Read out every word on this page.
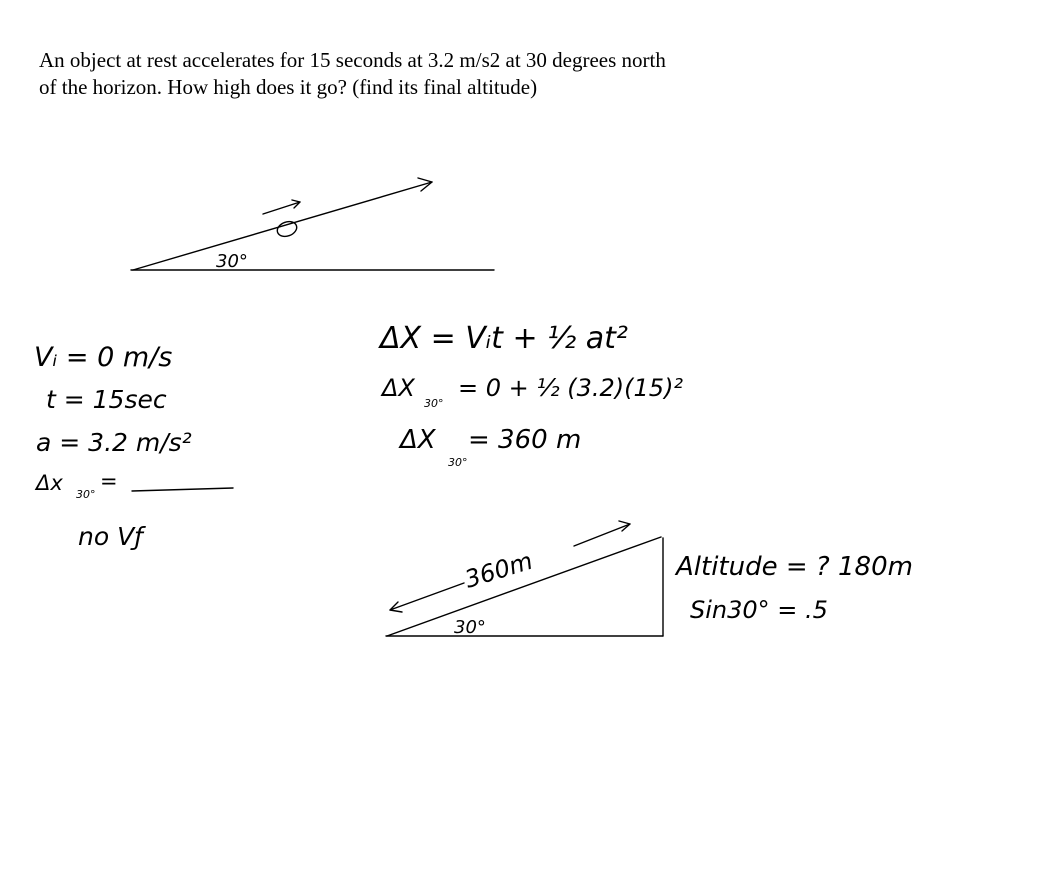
An object at rest accelerates for 15 seconds at 3.2 m/s2 at 30 degrees north
of the horizon. How high does it go? (find its final altitude)
30°
Vᵢ = 0 m/s
t = 15sec
a = 3.2 m/s²
Δx 30°
=
no Vƒ
ΔX = Vᵢt + ½ at²
ΔX
30°
= 0 + ½ (3.2)(15)²
ΔX
30°
= 360 m
360m
30°
Altitude = ? 180m
Sin30° = .5
